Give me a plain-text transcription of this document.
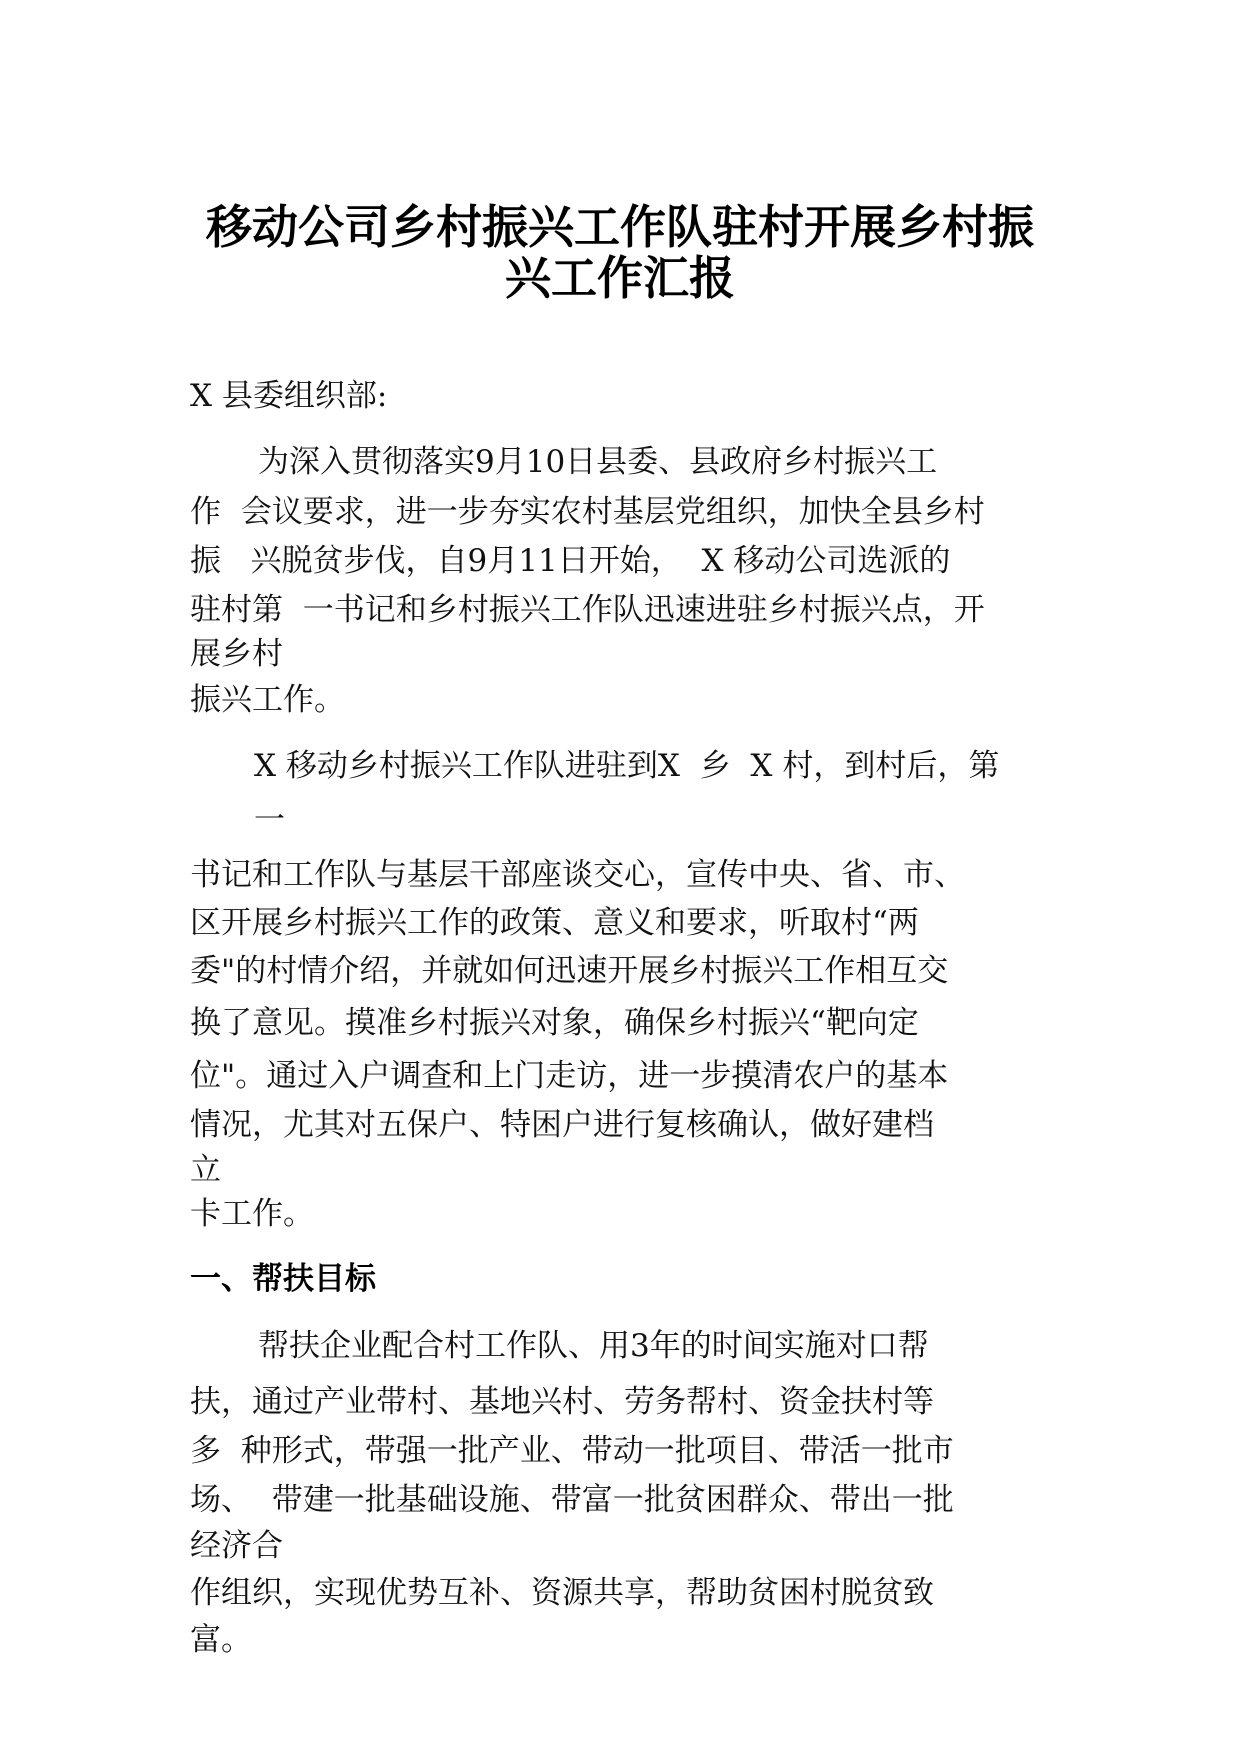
移动公司乡村振兴工作队驻村开展乡村振
兴工作汇报
X 县委组织部:
为深入贯彻落实9月10日县委、县政府乡村振兴工
作  会议要求，进一步夯实农村基层党组织，加快全县乡村
振   兴脱贫步伐，自9月11日开始，  X 移动公司选派的
驻村第  一书记和乡村振兴工作队迅速进驻乡村振兴点，开
展乡村
振兴工作。
X 移动乡村振兴工作队进驻到X  乡  X 村，到村后，第
一
书记和工作队与基层干部座谈交心，宣传中央、省、市、
区开展乡村振兴工作的政策、意义和要求，听取村“两
委"的村情介绍，并就如何迅速开展乡村振兴工作相互交
换了意见。摸准乡村振兴对象，确保乡村振兴“靶向定
位"。通过入户调查和上门走访，进一步摸清农户的基本
情况，尤其对五保户、特困户进行复核确认，做好建档
立
卡工作。
一、帮扶目标
帮扶企业配合村工作队、用3年的时间实施对口帮
扶，通过产业带村、基地兴村、劳务帮村、资金扶村等
多  种形式，带强一批产业、带动一批项目、带活一批市
场、  带建一批基础设施、带富一批贫困群众、带出一批
经济合
作组织，实现优势互补、资源共享，帮助贫困村脱贫致
富。
